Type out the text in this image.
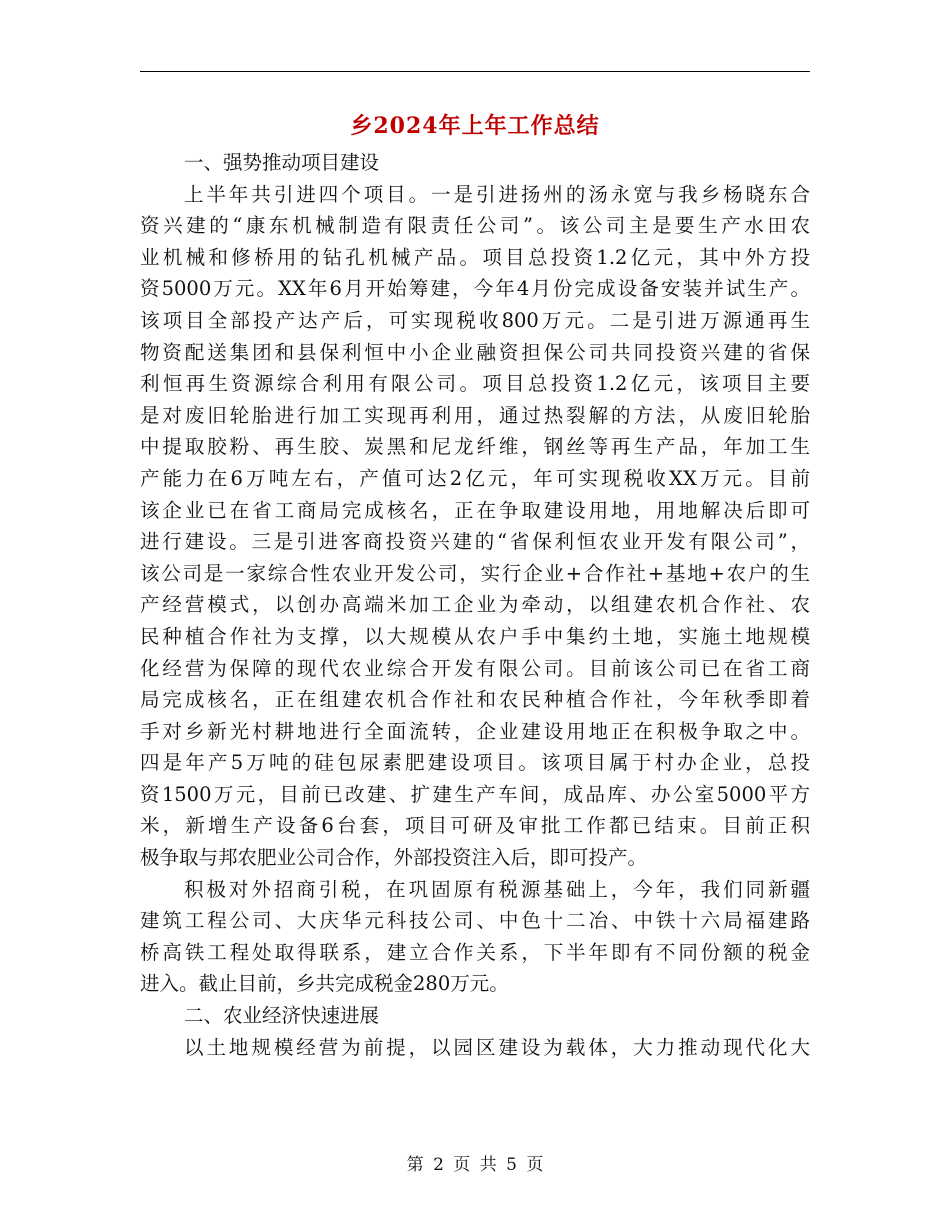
乡2024年上年工作总结
一、强势推动项目建设
上半年共引进四个项目。一是引进扬州的汤永宽与我乡杨晓东合
资兴建的“康东机械制造有限责任公司”。该公司主是要生产水田农
业机械和修桥用的钻孔机械产品。项目总投资1.2亿元，其中外方投
资5000万元。XX年6月开始筹建，今年4月份完成设备安装并试生产。
该项目全部投产达产后，可实现税收800万元。二是引进万源通再生
物资配送集团和县保利恒中小企业融资担保公司共同投资兴建的省保
利恒再生资源综合利用有限公司。项目总投资1.2亿元，该项目主要
是对废旧轮胎进行加工实现再利用，通过热裂解的方法，从废旧轮胎
中提取胶粉、再生胶、炭黑和尼龙纤维，钢丝等再生产品，年加工生
产能力在6万吨左右，产值可达2亿元，年可实现税收XX万元。目前
该企业已在省工商局完成核名，正在争取建设用地，用地解决后即可
进行建设。三是引进客商投资兴建的“省保利恒农业开发有限公司”，
该公司是一家综合性农业开发公司，实行企业+合作社+基地+农户的生
产经营模式，以创办高端米加工企业为牵动，以组建农机合作社、农
民种植合作社为支撑，以大规模从农户手中集约土地，实施土地规模
化经营为保障的现代农业综合开发有限公司。目前该公司已在省工商
局完成核名，正在组建农机合作社和农民种植合作社，今年秋季即着
手对乡新光村耕地进行全面流转，企业建设用地正在积极争取之中。
四是年产5万吨的硅包尿素肥建设项目。该项目属于村办企业，总投
资1500万元，目前已改建、扩建生产车间，成品库、办公室5000平方
米，新增生产设备6台套，项目可研及审批工作都已结束。目前正积
极争取与邦农肥业公司合作，外部投资注入后，即可投产。
积极对外招商引税，在巩固原有税源基础上，今年，我们同新疆
建筑工程公司、大庆华元科技公司、中色十二冶、中铁十六局福建路
桥高铁工程处取得联系，建立合作关系，下半年即有不同份额的税金
进入。截止目前，乡共完成税金280万元。
二、农业经济快速进展
以土地规模经营为前提，以园区建设为载体，大力推动现代化大
第 2 页 共 5 页
